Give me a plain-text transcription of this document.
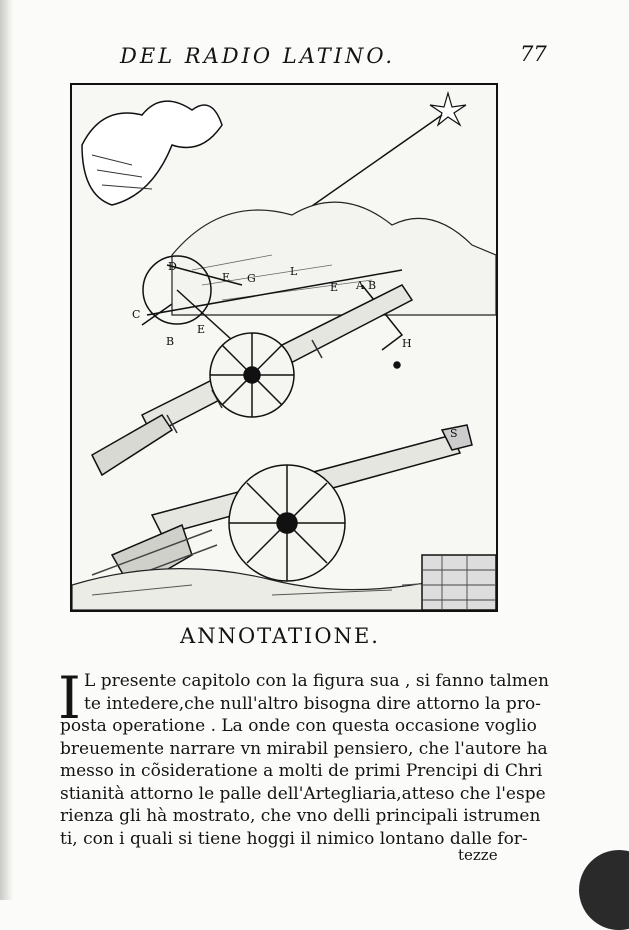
DEL RADIO LATINO.	77
D
C
E G
L
E A B
H
B
E
S
ANNOTATIONE.
I L presente capitolo con la figura sua , si fanno talmen
te intedere,che null'altro bisogna dire attorno la pro-
posta operatione . La onde con questa occasione voglio
breuemente narrare vn mirabil pensiero, che l'autore ha
messo in cõsideratione a molti de primi Prencipi di Chri
stianità attorno le palle dell'Artegliaria,atteso che l'espe
rienza gli hà mostrato, che vno delli principali istrumen
ti, con i quali si tiene hoggi il nimico lontano dalle for-
tezze
